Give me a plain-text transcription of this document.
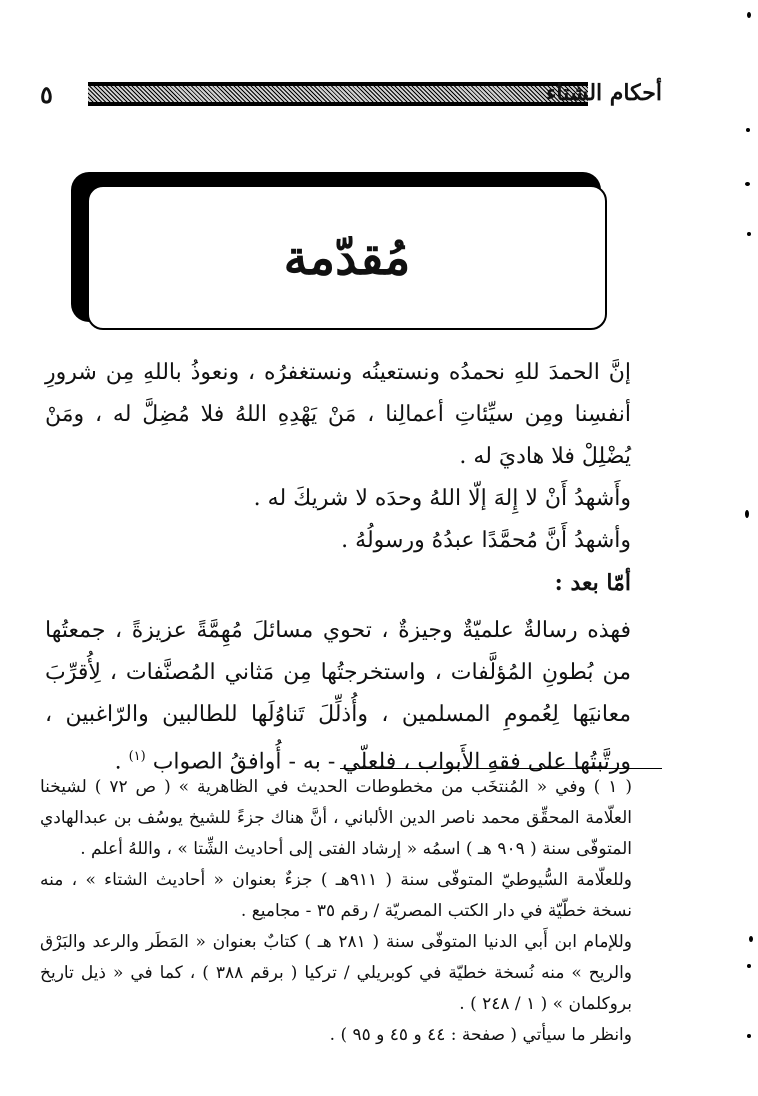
٥	أحكام الشتاء
مُقدّمة

إنَّ الحمدَ للهِ نحمدُه ونستعينُه ونستغفرُه ، ونعوذُ باللهِ مِن شرورِ أنفسِنا ومِن سيِّئاتِ أعمالِنا ، مَنْ يَهْدِهِ اللهُ فلا مُضِلَّ له ، ومَنْ يُضْلِلْ فلا هاديَ له .

وأَشهدُ أَنْ لا إِلهَ إلّا اللهُ وحدَه لا شريكَ له .

وأشهدُ أَنَّ مُحمَّدًا عبدُهُ ورسولُهُ .

أمّا بعد :

فهذه رسالةٌ علميّةٌ وجيزةٌ ، تحوي مسائلَ مُهِمَّةً عزيزةً ، جمعتُها من بُطونِ المُؤلَّفات ، واستخرجتُها مِن مَثاني المُصنَّفات ، لِأُقرِّبَ معانيَها لِعُمومِ المسلمين ، وأُذلِّلَ تَناوُلَها للطالبين والرّاغبين ، ورتَّبتُها على فقهِ الأَبواب ، فلعلّي - به - أُوافقُ الصواب $^{(١)}$ .

( ١ ) وفي « المُنتخَب من مخطوطات الحديث في الظاهرية » ( ص ٧٢ ) لشيخنا العلّامة المحقِّق محمد ناصر الدين الألباني ، أنَّ هناك جزءً للشيخ يوسُف بن عبدالهادي المتوفّى سنة ( ٩٠٩ هـ ) اسمُه « إرشاد الفتى إلى أحاديث الشِّتا » ، واللهُ أعلم .

وللعلّامة السُّيوطيّ المتوفّى سنة ( ٩١١هـ ) جزءٌ بعنوان « أحاديث الشتاء » ، منه نسخة خطّيّة في دار الكتب المصريّة / رقم ٣٥ - مجاميع .

وللإمام ابن أَبي الدنيا المتوفّى سنة ( ٢٨١ هـ ) كتابٌ بعنوان « المَطَر والرعد والبَرْق والريح » منه نُسخة خطيّة في كوبريلي / تركيا ( برقم ٣٨٨ ) ، كما في « ذيل تاريخ بروكلمان » ( ١ / ٢٤٨ ) .

وانظر ما سيأتي ( صفحة : ٤٤ و ٤٥ و ٩٥ ) .
